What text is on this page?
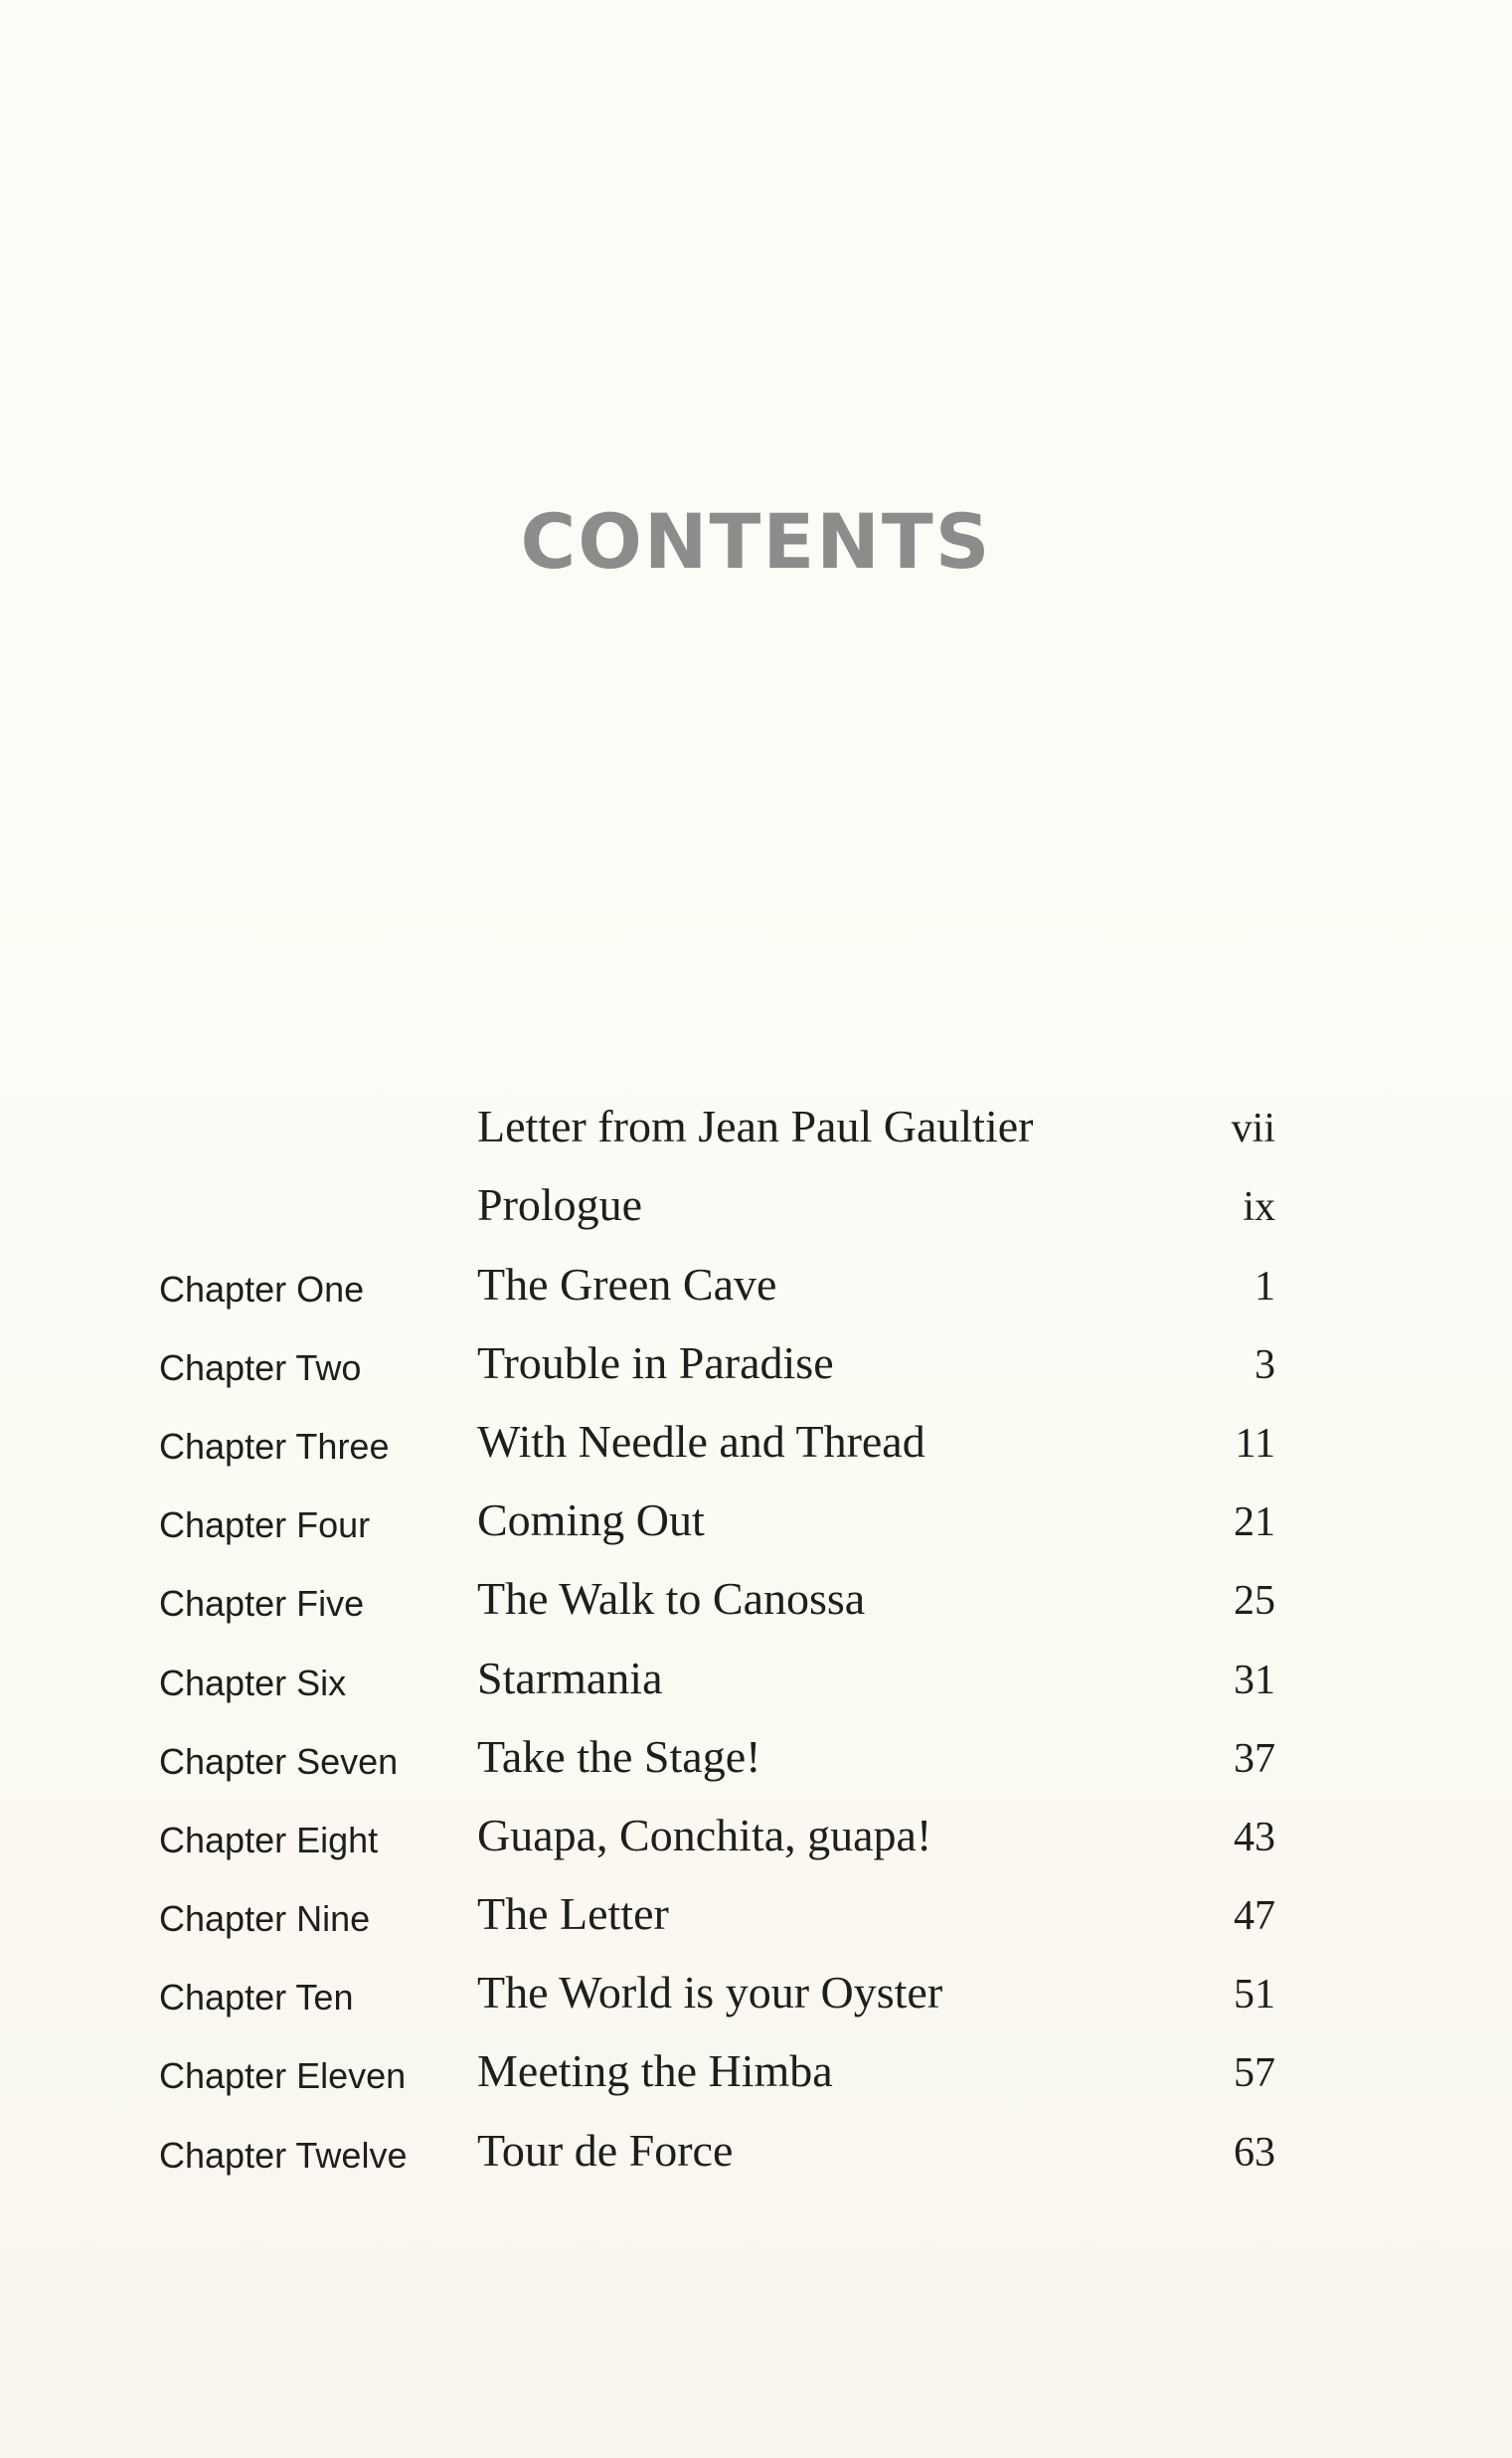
CONTENTS
Letter from Jean Paul Gaultier	vii
Prologue	ix
Chapter One The Green Cave	1
Chapter Two	Trouble in Paradise	3
Chapter Three With Needle and Thread	11
Chapter Four Coming Out	21
Chapter Five The Walk to Canossa	25
Chapter Six	Starmania	31
Chapter Seven Take the Stage!	37
Chapter Eight Guapa, Conchita, guapa!	43
Chapter Nine The Letter	47
Chapter Ten	The World is your Oyster	51
Chapter Eleven Meeting the Himba	57
Chapter Twelve Tour de Force	63
